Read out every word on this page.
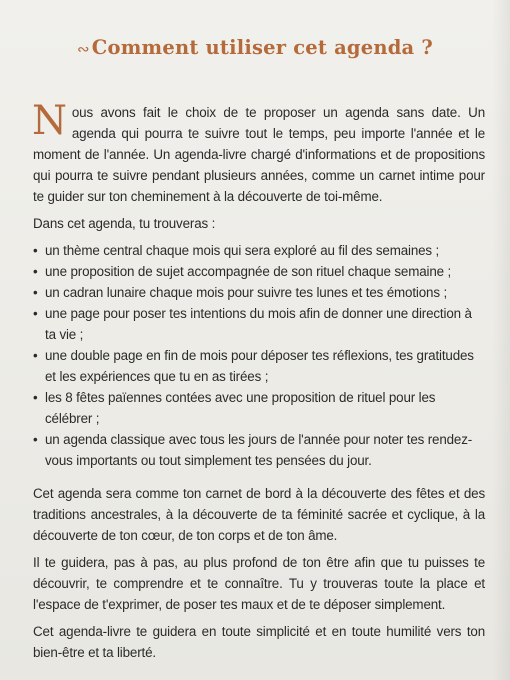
∾ Comment utiliser cet agenda ?

Nous avons fait le choix de te proposer un agenda sans date. Un agenda qui pourra te suivre tout le temps, peu importe l'année et le moment de l'année. Un agenda-livre chargé d'informations et de propositions qui pourra te suivre pendant plusieurs années, comme un carnet intime pour te guider sur ton cheminement à la découverte de toi-même.

Dans cet agenda, tu trouveras :

• un thème central chaque mois qui sera exploré au fil des semaines ;
• une proposition de sujet accompagnée de son rituel chaque semaine ;
• un cadran lunaire chaque mois pour suivre tes lunes et tes émotions ;
• une page pour poser tes intentions du mois afin de donner une direction à ta vie ;
• une double page en fin de mois pour déposer tes réflexions, tes gratitudes et les expériences que tu en as tirées ;
• les 8 fêtes païennes contées avec une proposition de rituel pour les célébrer ;
• un agenda classique avec tous les jours de l'année pour noter tes rendez-vous importants ou tout simplement tes pensées du jour.

Cet agenda sera comme ton carnet de bord à la découverte des fêtes et des traditions ancestrales, à la découverte de ta féminité sacrée et cyclique, à la découverte de ton cœur, de ton corps et de ton âme.

Il te guidera, pas à pas, au plus profond de ton être afin que tu puisses te découvrir, te comprendre et te connaître. Tu y trouveras toute la place et l'espace de t'exprimer, de poser tes maux et de te déposer simplement.

Cet agenda-livre te guidera en toute simplicité et en toute humilité vers ton bien-être et ta liberté.
